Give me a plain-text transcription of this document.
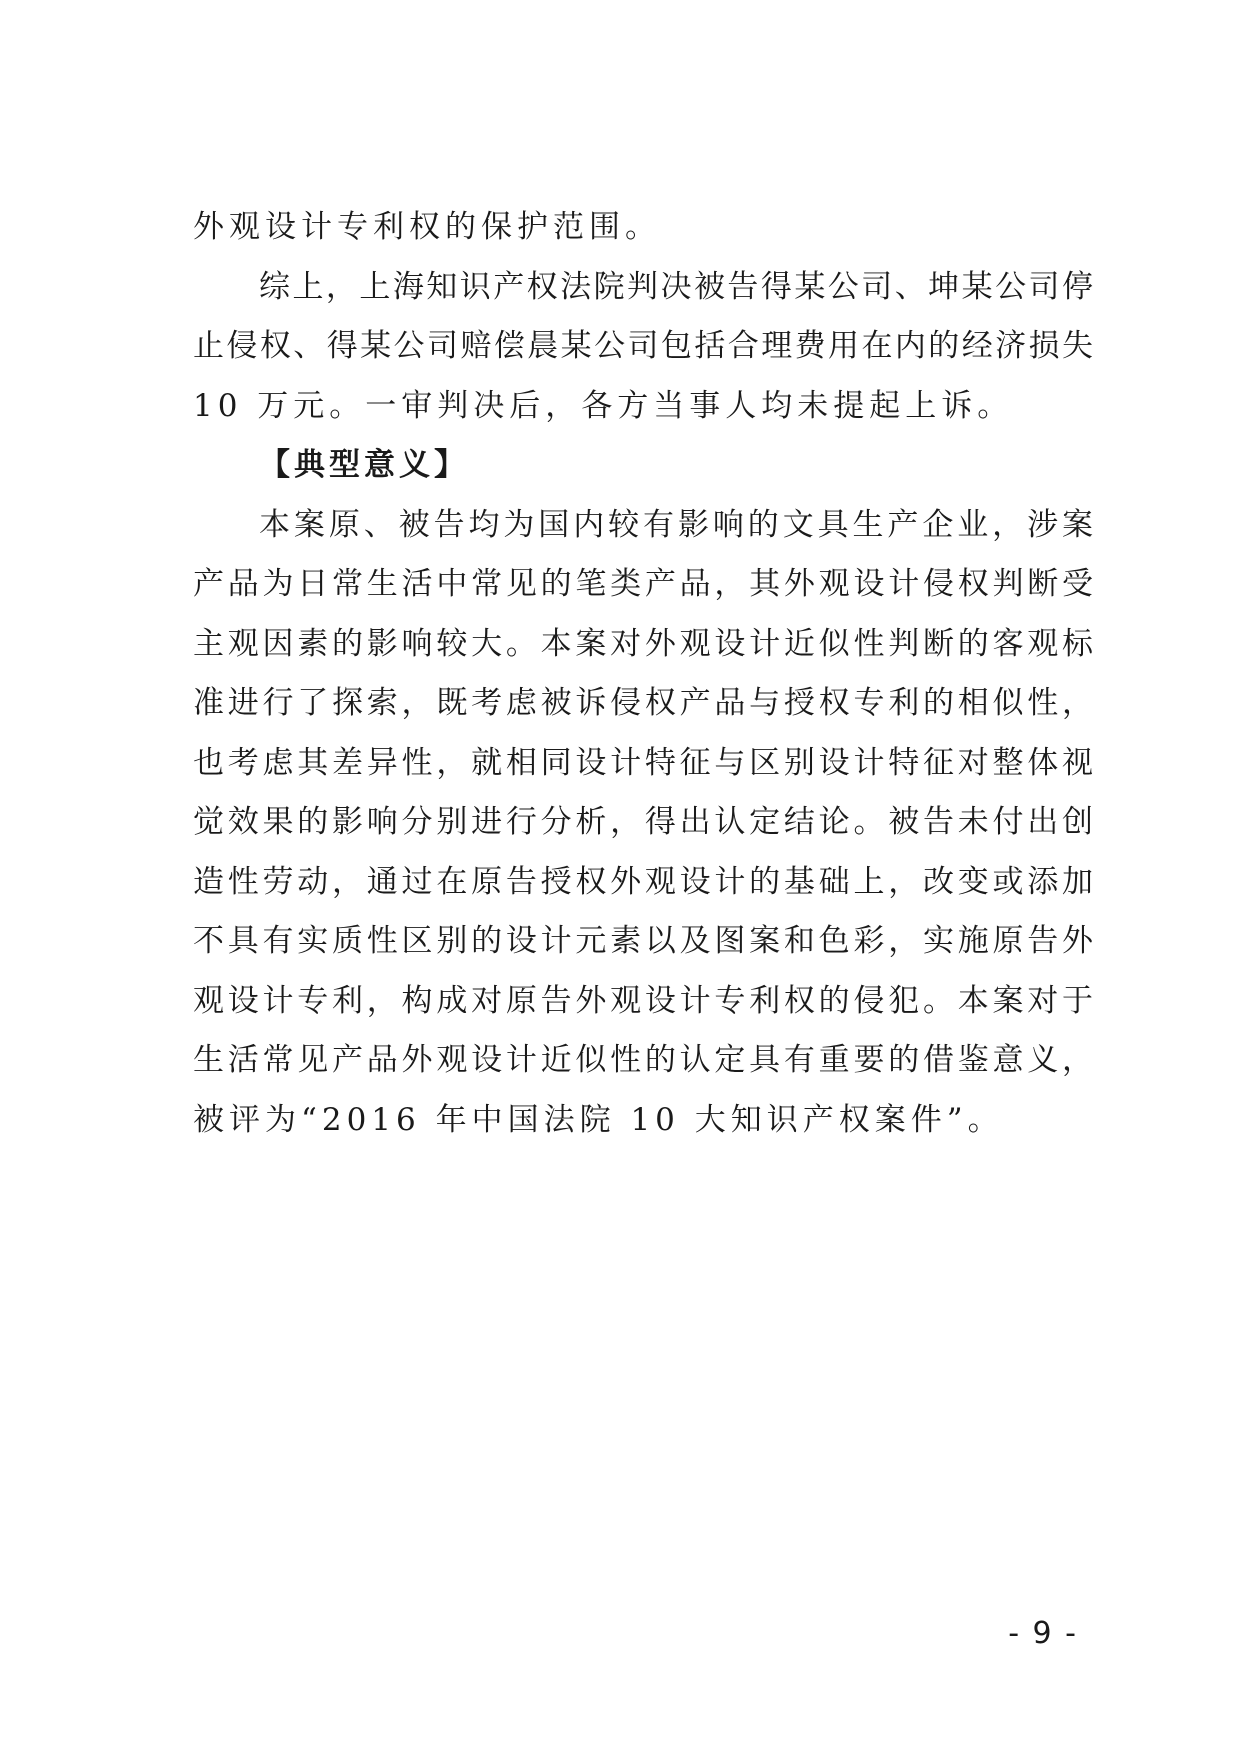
外观设计专利权的保护范围。
综上，上海知识产权法院判决被告得某公司、坤某公司停
止侵权、得某公司赔偿晨某公司包括合理费用在内的经济损失
10 万元。一审判决后，各方当事人均未提起上诉。
【典型意义】
本案原、被告均为国内较有影响的文具生产企业，涉案
产品为日常生活中常见的笔类产品，其外观设计侵权判断受
主观因素的影响较大。本案对外观设计近似性判断的客观标
准进行了探索，既考虑被诉侵权产品与授权专利的相似性，
也考虑其差异性，就相同设计特征与区别设计特征对整体视
觉效果的影响分别进行分析，得出认定结论。被告未付出创
造性劳动，通过在原告授权外观设计的基础上，改变或添加
不具有实质性区别的设计元素以及图案和色彩，实施原告外
观设计专利，构成对原告外观设计专利权的侵犯。本案对于
生活常见产品外观设计近似性的认定具有重要的借鉴意义，
被评为“2016 年中国法院 10 大知识产权案件”。
- 9 -
